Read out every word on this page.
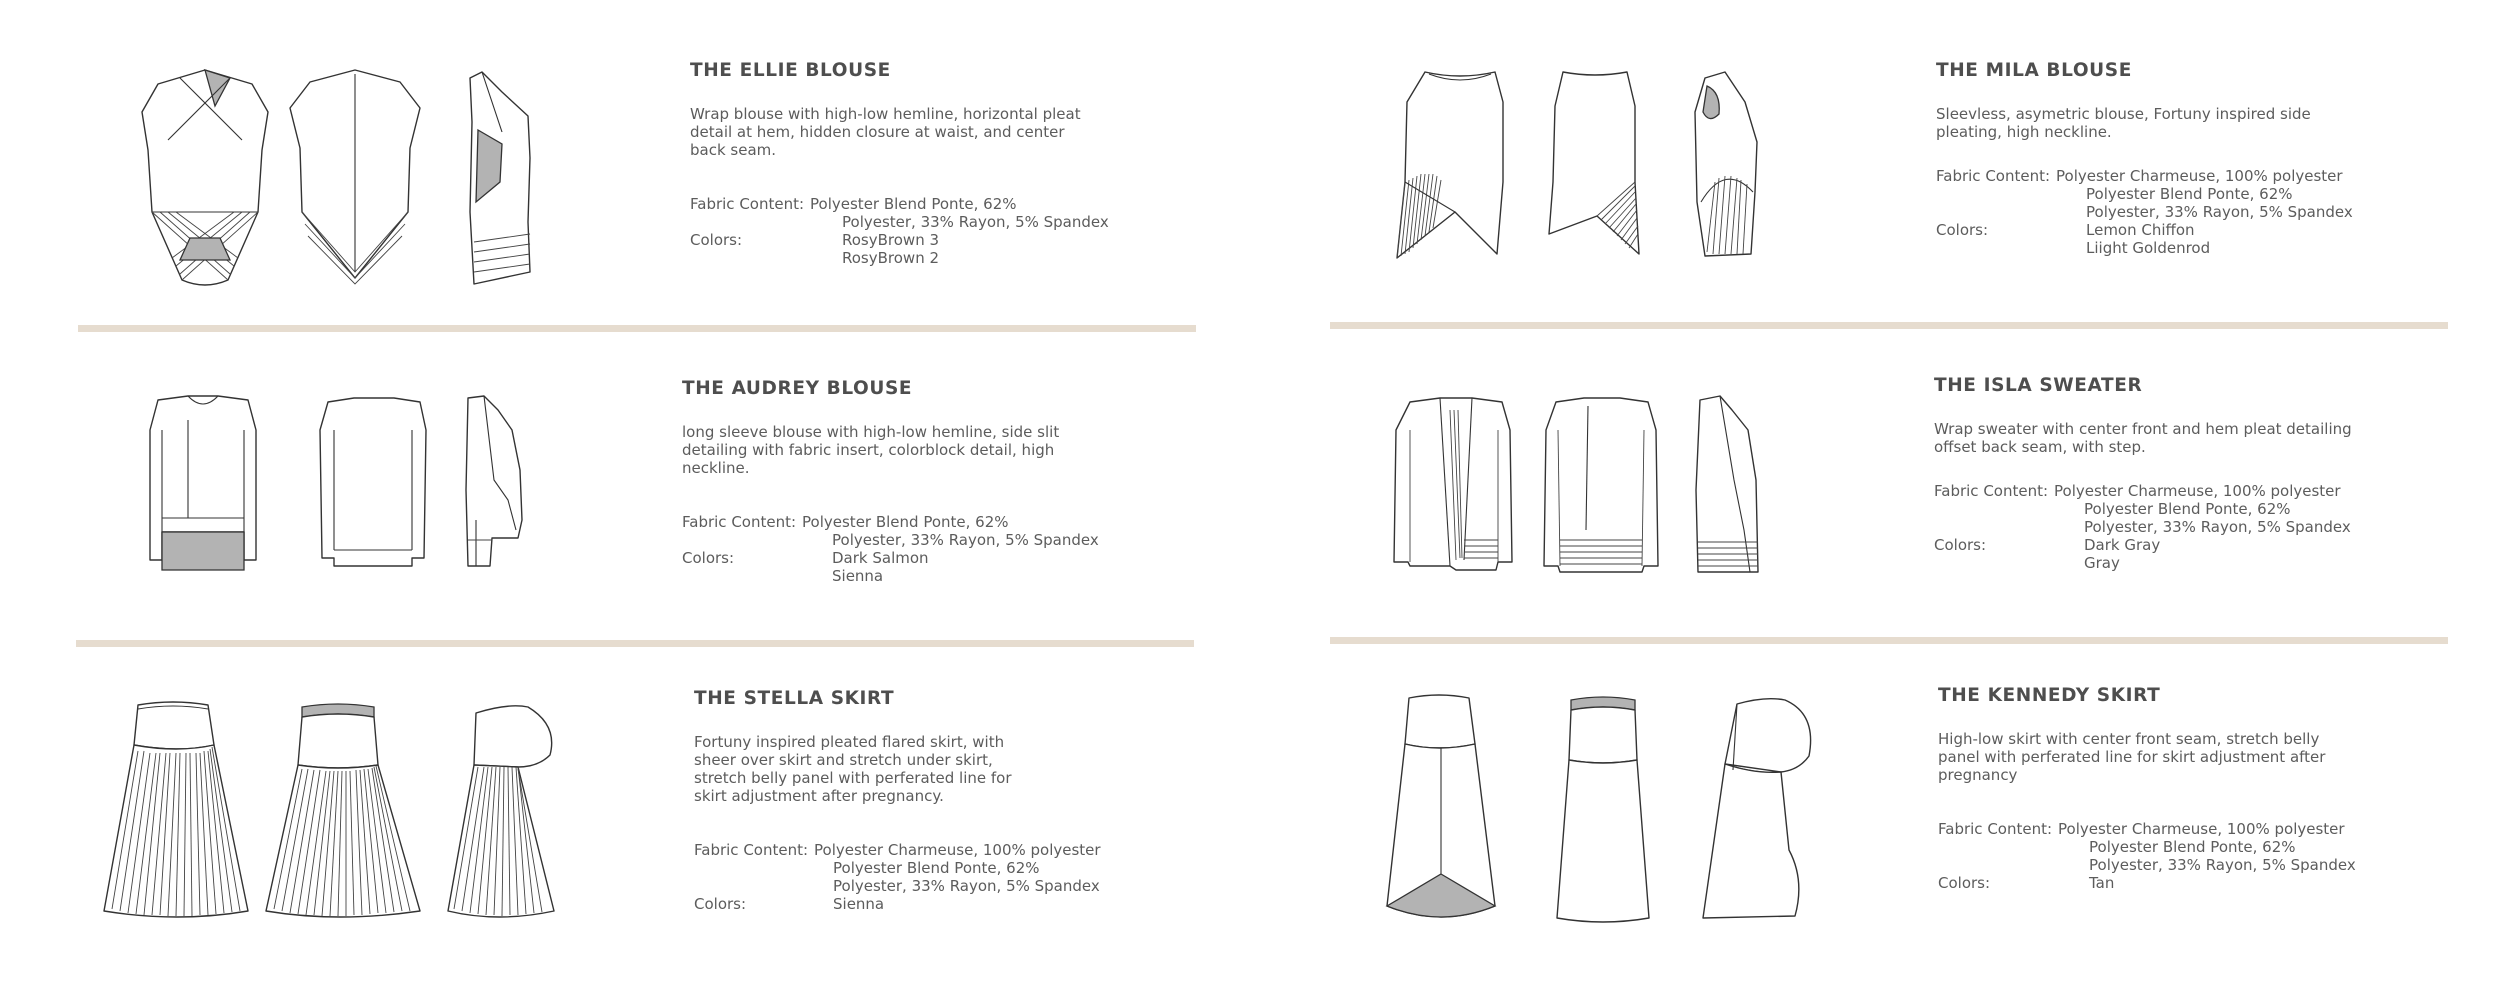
THE ELLIE BLOUSE

Wrap blouse with high-low hemline, horizontal pleat detail at hem, hidden closure at waist, and center back seam.

Fabric Content: Polyester Blend Ponte, 62%
Polyester, 33% Rayon, 5% Spandex
Colors:	RosyBrown 3
RosyBrown 2
THE MILA BLOUSE

Sleevless, asymetric blouse, Fortuny inspired side pleating, high neckline.

Fabric Content: Polyester Charmeuse, 100% polyester
Polyester Blend Ponte, 62%
Polyester, 33% Rayon, 5% Spandex
Colors:	Lemon Chiffon
Liight Goldenrod
THE AUDREY BLOUSE

long sleeve blouse with high-low hemline, side slit detailing with fabric insert, colorblock detail, high neckline.

Fabric Content: Polyester Blend Ponte, 62%
Polyester, 33% Rayon, 5% Spandex
Colors:	Dark Salmon
Sienna
THE ISLA SWEATER

Wrap sweater with center front and hem pleat detailing offset back seam, with step.

Fabric Content: Polyester Charmeuse, 100% polyester
Polyester Blend Ponte, 62%
Polyester, 33% Rayon, 5% Spandex
Colors:	Dark Gray
Gray
THE STELLA SKIRT

Fortuny inspired pleated flared skirt, with sheer over skirt and stretch under skirt, stretch belly panel with perferated line for skirt adjustment after pregnancy.

Fabric Content: Polyester Charmeuse, 100% polyester
Polyester Blend Ponte, 62%
Polyester, 33% Rayon, 5% Spandex
Colors:	Sienna
THE KENNEDY SKIRT

High-low skirt with center front seam, stretch belly panel with perferated line for skirt adjustment after pregnancy

Fabric Content: Polyester Charmeuse, 100% polyester
Polyester Blend Ponte, 62%
Polyester, 33% Rayon, 5% Spandex
Colors:	Tan
